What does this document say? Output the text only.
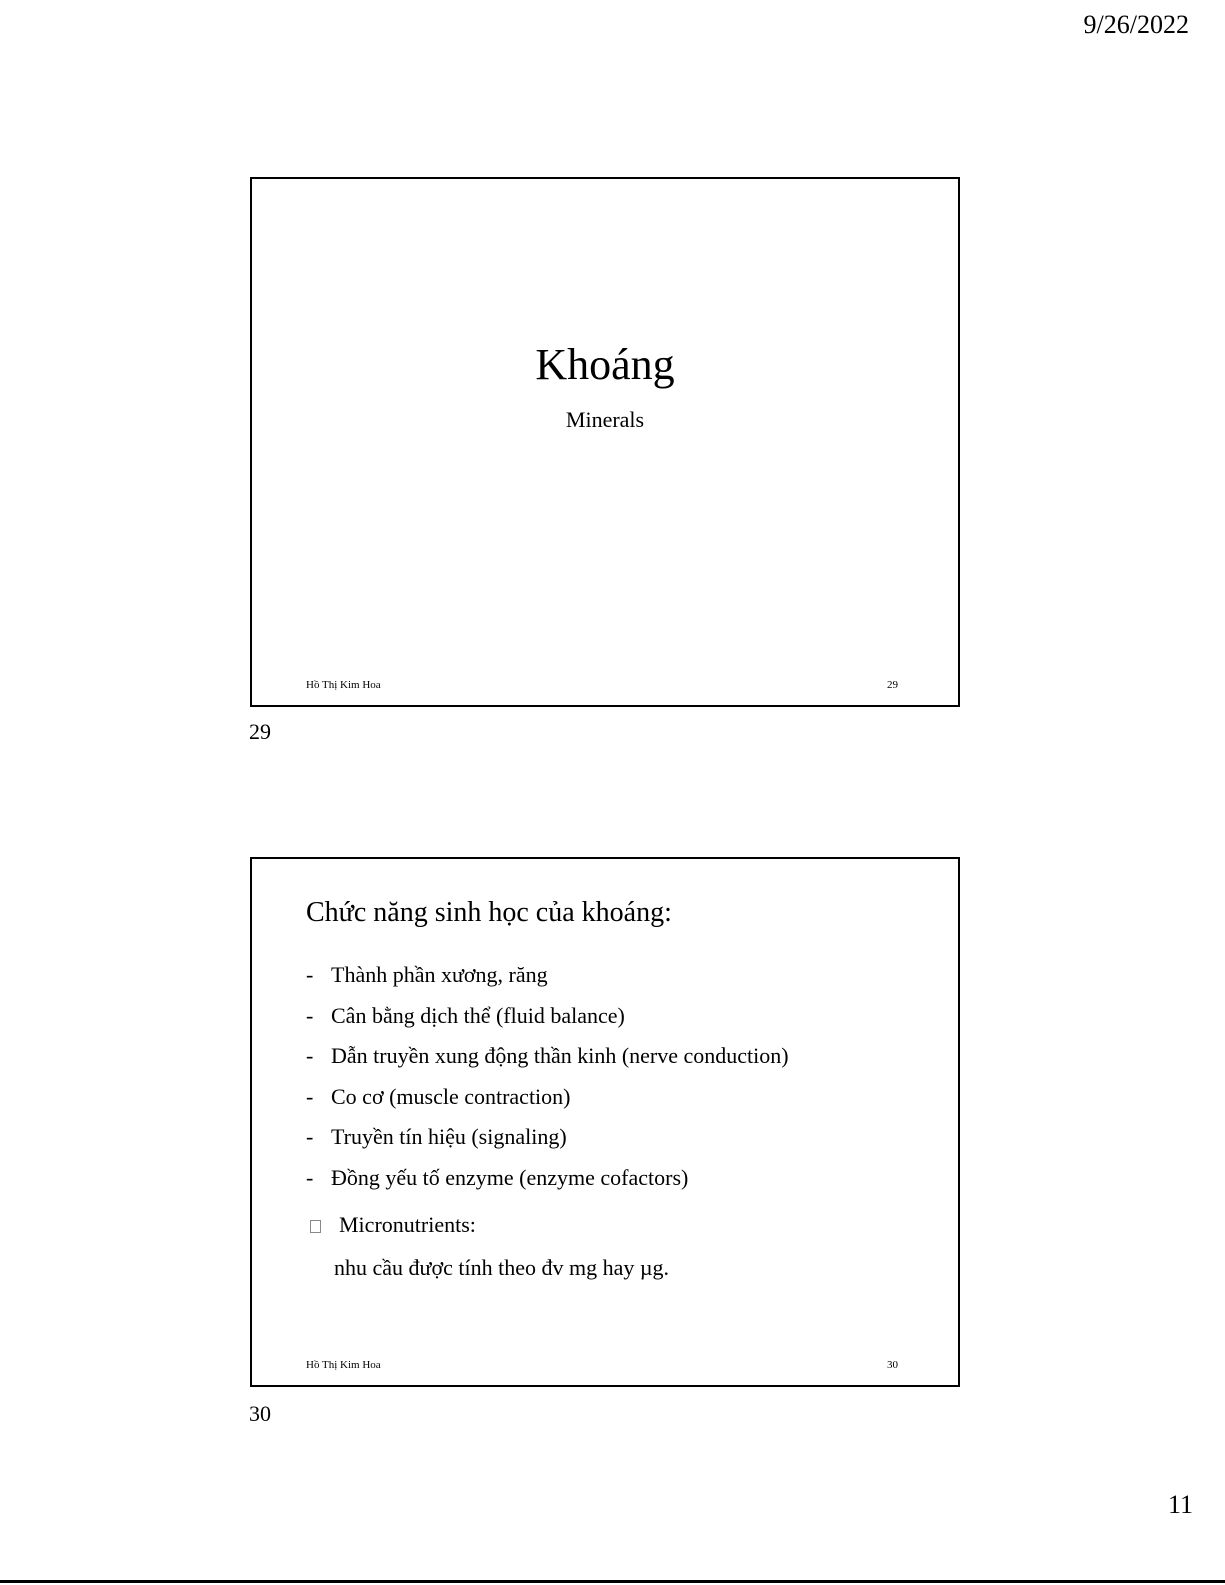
9/26/2022
Khoáng
Minerals
Hồ Thị Kim Hoa	29
29
Chức năng sinh học của khoáng:
- Thành phần xương, răng
- Cân bằng dịch thể (fluid balance)
- Dẫn truyền xung động thần kinh (nerve conduction)
- Co cơ (muscle contraction)
- Truyền tín hiệu (signaling)
- Đồng yếu tố enzyme (enzyme cofactors)
Micronutrients:
nhu cầu được tính theo đv mg hay µg.
Hồ Thị Kim Hoa	30
30
11
